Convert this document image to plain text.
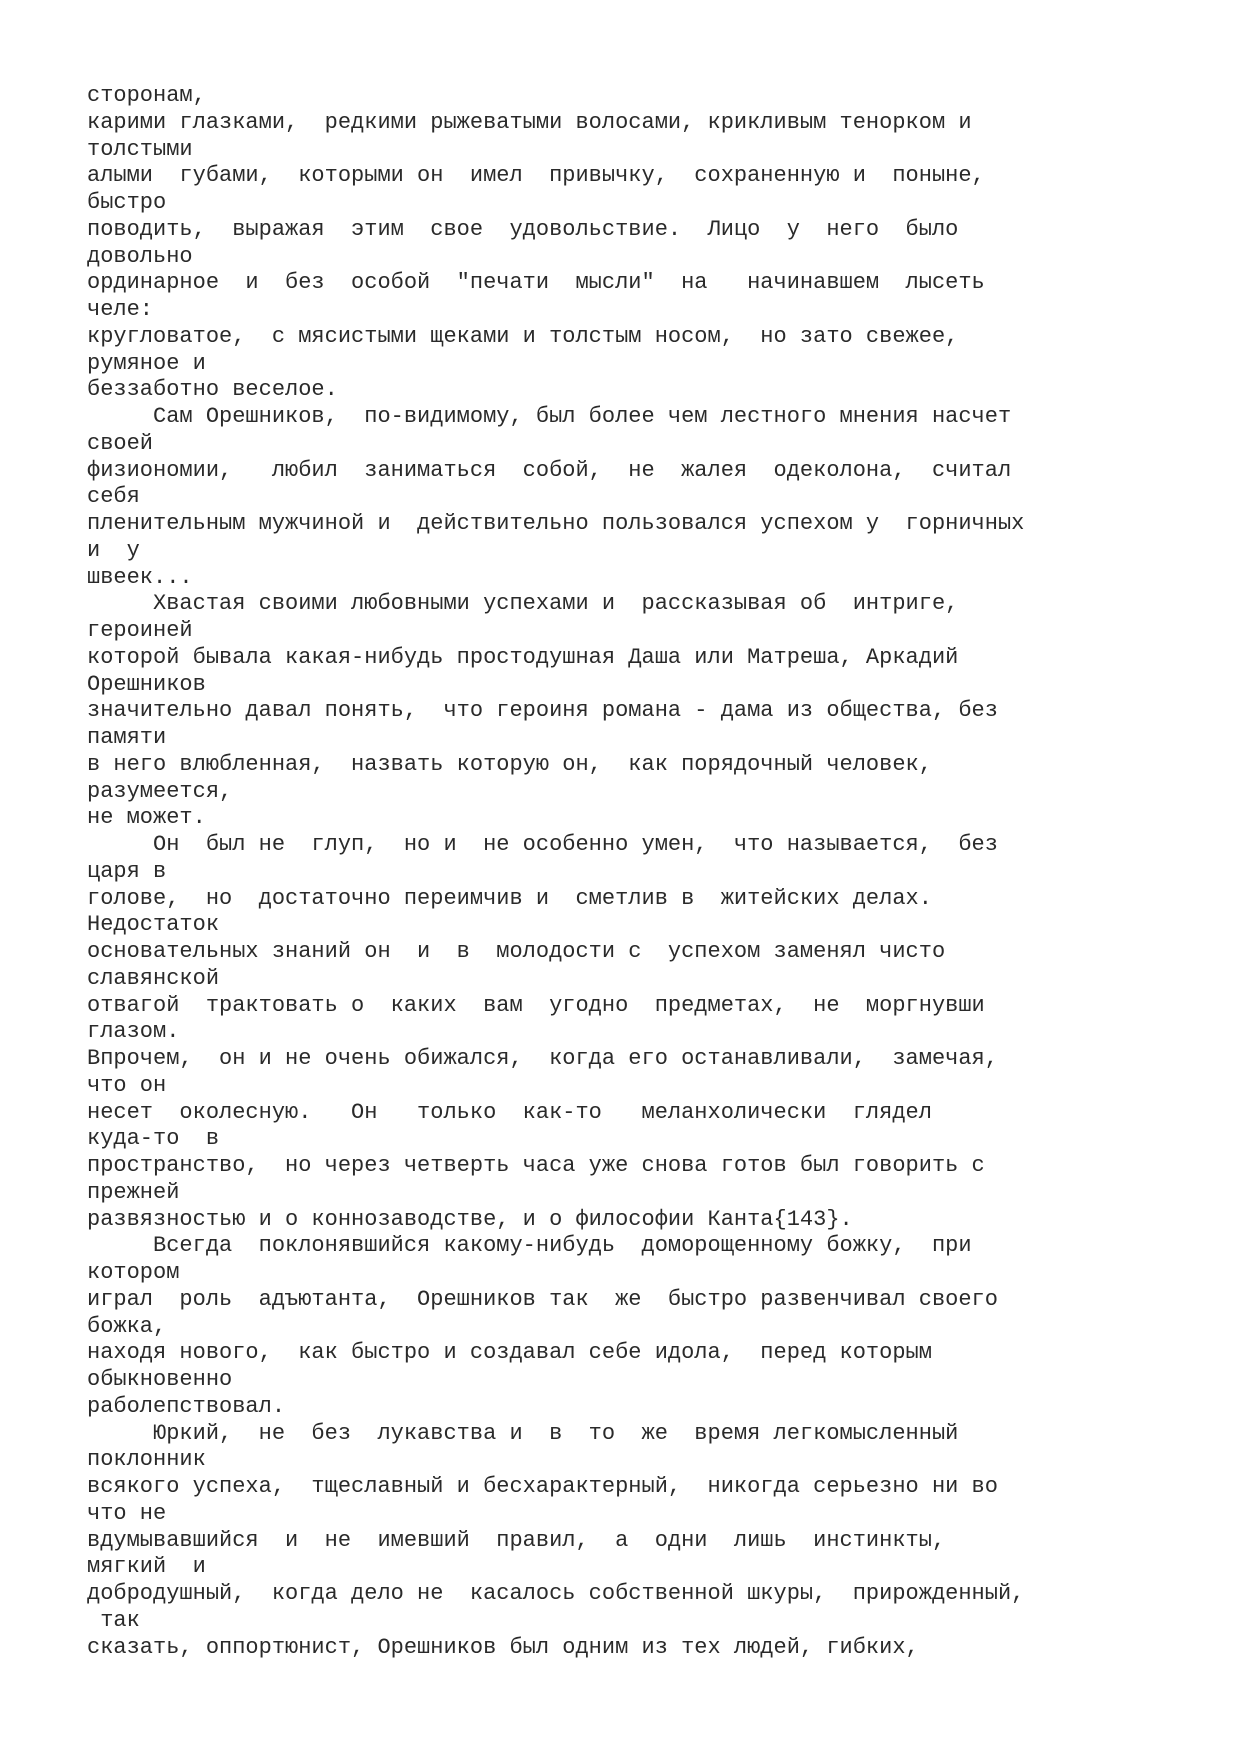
сторонам,
карими глазками,  редкими рыжеватыми волосами, крикливым тенорком и
толстыми
алыми  губами,  которыми он  имел  привычку,  сохраненную и  поныне,
быстро
поводить,  выражая  этим  свое  удовольствие.  Лицо  у  него  было
довольно
ординарное  и  без  особой  "печати  мысли"  на   начинавшем  лысеть
челе:
кругловатое,  с мясистыми щеками и толстым носом,  но зато свежее,
румяное и
беззаботно веселое.
Сам Орешников,  по-видимому, был более чем лестного мнения насчет
своей
физиономии,   любил  заниматься  собой,  не  жалея  одеколона,  считал
себя
пленительным мужчиной и  действительно пользовался успехом у  горничных
и  у
швеек...
Хвастая своими любовными успехами и  рассказывая об  интриге,
героиней
которой бывала какая-нибудь простодушная Даша или Матреша, Аркадий
Орешников
значительно давал понять,  что героиня романа - дама из общества, без
памяти
в него влюбленная,  назвать которую он,  как порядочный человек,
разумеется,
не может.
Он  был не  глуп,  но и  не особенно умен,  что называется,  без
царя в
голове,  но  достаточно переимчив и  сметлив в  житейских делах.
Недостаток
основательных знаний он  и  в  молодости с  успехом заменял чисто
славянской
отвагой  трактовать о  каких  вам  угодно  предметах,  не  моргнувши
глазом.
Впрочем,  он и не очень обижался,  когда его останавливали,  замечая,
что он
несет  околесную.   Он   только  как-то   меланхолически  глядел
куда-то  в
пространство,  но через четверть часа уже снова готов был говорить с
прежней
развязностью и о коннозаводстве, и о философии Канта{143}.
Всегда  поклонявшийся какому-нибудь  доморощенному божку,  при
котором
играл  роль  адъютанта,  Орешников так  же  быстро развенчивал своего
божка,
находя нового,  как быстро и создавал себе идола,  перед которым
обыкновенно
раболепствовал.
Юркий,  не  без  лукавства и  в  то  же  время легкомысленный
поклонник
всякого успеха,  тщеславный и бесхарактерный,  никогда серьезно ни во
что не
вдумывавшийся  и  не  имевший  правил,  а  одни  лишь  инстинкты,
мягкий  и
добродушный,  когда дело не  касалось собственной шкуры,  прирожденный,
так
сказать, оппортюнист, Орешников был одним из тех людей, гибких,
